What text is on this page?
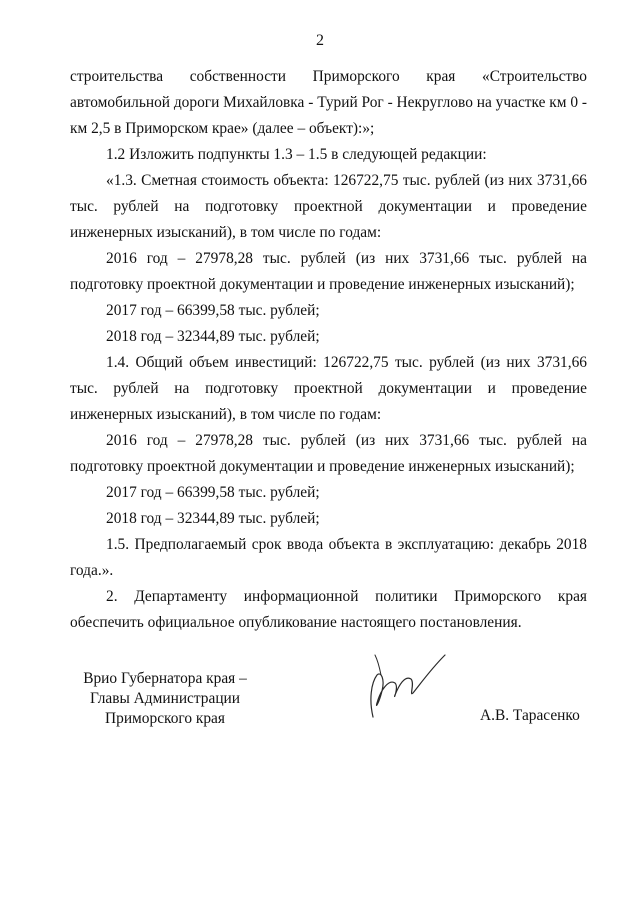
2

строительства собственности Приморского края «Строительство автомобильной дороги Михайловка - Турий Рог - Некруглово на участке км 0 - км 2,5 в Приморском крае» (далее – объект):»;

1.2 Изложить подпункты 1.3 – 1.5 в следующей редакции:

«1.3. Сметная стоимость объекта: 126722,75 тыс. рублей (из них 3731,66 тыс. рублей на подготовку проектной документации и проведение инженерных изысканий), в том числе по годам:

2016 год – 27978,28 тыс. рублей (из них 3731,66 тыс. рублей на подготовку проектной документации и проведение инженерных изысканий);

2017 год – 66399,58 тыс. рублей;

2018 год – 32344,89 тыс. рублей;

1.4. Общий объем инвестиций: 126722,75 тыс. рублей (из них 3731,66 тыс. рублей на подготовку проектной документации и проведение инженерных изысканий), в том числе по годам:

2016 год – 27978,28 тыс. рублей (из них 3731,66 тыс. рублей на подготовку проектной документации и проведение инженерных изысканий);

2017 год – 66399,58 тыс. рублей;

2018 год – 32344,89 тыс. рублей;

1.5. Предполагаемый срок ввода объекта в эксплуатацию: декабрь 2018 года.».

2. Департаменту информационной политики Приморского края обеспечить официальное опубликование настоящего постановления.

Врио Губернатора края –
Главы Администрации
Приморского края	А.В. Тарасенко
